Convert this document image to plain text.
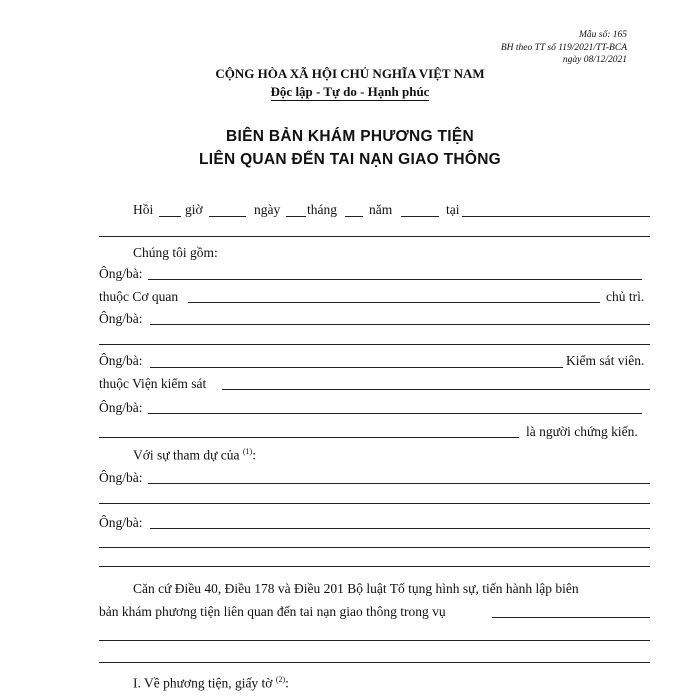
Mẫu số: 165
BH theo TT số 119/2021/TT-BCA
ngày 08/12/2021
CỘNG HÒA XÃ HỘI CHỦ NGHĨA VIỆT NAM
Độc lập - Tự do - Hạnh phúc
BIÊN BẢN KHÁM PHƯƠNG TIỆN
LIÊN QUAN ĐẾN TAI NẠN GIAO THÔNG
Hồi giờ	ngày tháng năm	tại
Chúng tôi gồm:
Ông/bà:
thuộc Cơ quan	chủ trì.
Ông/bà:
Ông/bà:	Kiểm sát viên.
thuộc Viện kiểm sát
Ông/bà:
là người chứng kiến.
Với sự tham dự của $^{(1)}$:
Ông/bà:
Ông/bà:
Căn cứ Điều 40, Điều 178 và Điều 201 Bộ luật Tố tụng hình sự, tiến hành lập biên
bản khám phương tiện liên quan đến tai nạn giao thông trong vụ
I. Về phương tiện, giấy tờ $^{(2)}$:
